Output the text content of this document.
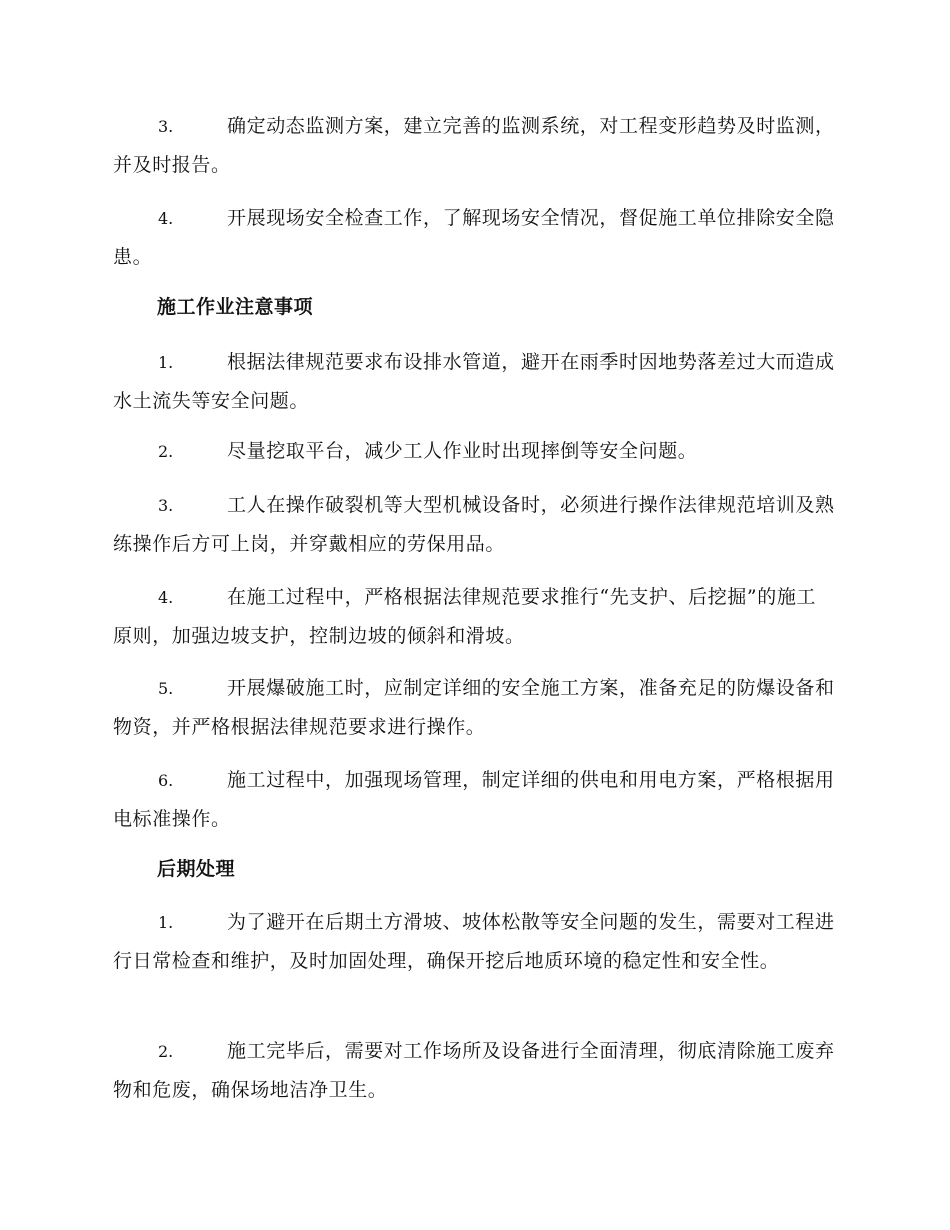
3.	确定动态监测方案，建立完善的监测系统，对工程变形趋势及时监测，并及时报告。

4.	开展现场安全检查工作，了解现场安全情况，督促施工单位排除安全隐患。

施工作业注意事项

1.	根据法律规范要求布设排水管道，避开在雨季时因地势落差过大而造成水土流失等安全问题。

2.	尽量挖取平台，减少工人作业时出现摔倒等安全问题。

3.	工人在操作破裂机等大型机械设备时，必须进行操作法律规范培训及熟练操作后方可上岗，并穿戴相应的劳保用品。

4.	在施工过程中，严格根据法律规范要求推行“先支护、后挖掘”的施工原则，加强边坡支护，控制边坡的倾斜和滑坡。

5.	开展爆破施工时，应制定详细的安全施工方案，准备充足的防爆设备和物资，并严格根据法律规范要求进行操作。

6.	施工过程中，加强现场管理，制定详细的供电和用电方案，严格根据用电标准操作。

后期处理

1.	为了避开在后期土方滑坡、坡体松散等安全问题的发生，需要对工程进行日常检查和维护，及时加固处理，确保开挖后地质环境的稳定性和安全性。

2.	施工完毕后，需要对工作场所及设备进行全面清理，彻底清除施工废弃物和危废，确保场地洁净卫生。
